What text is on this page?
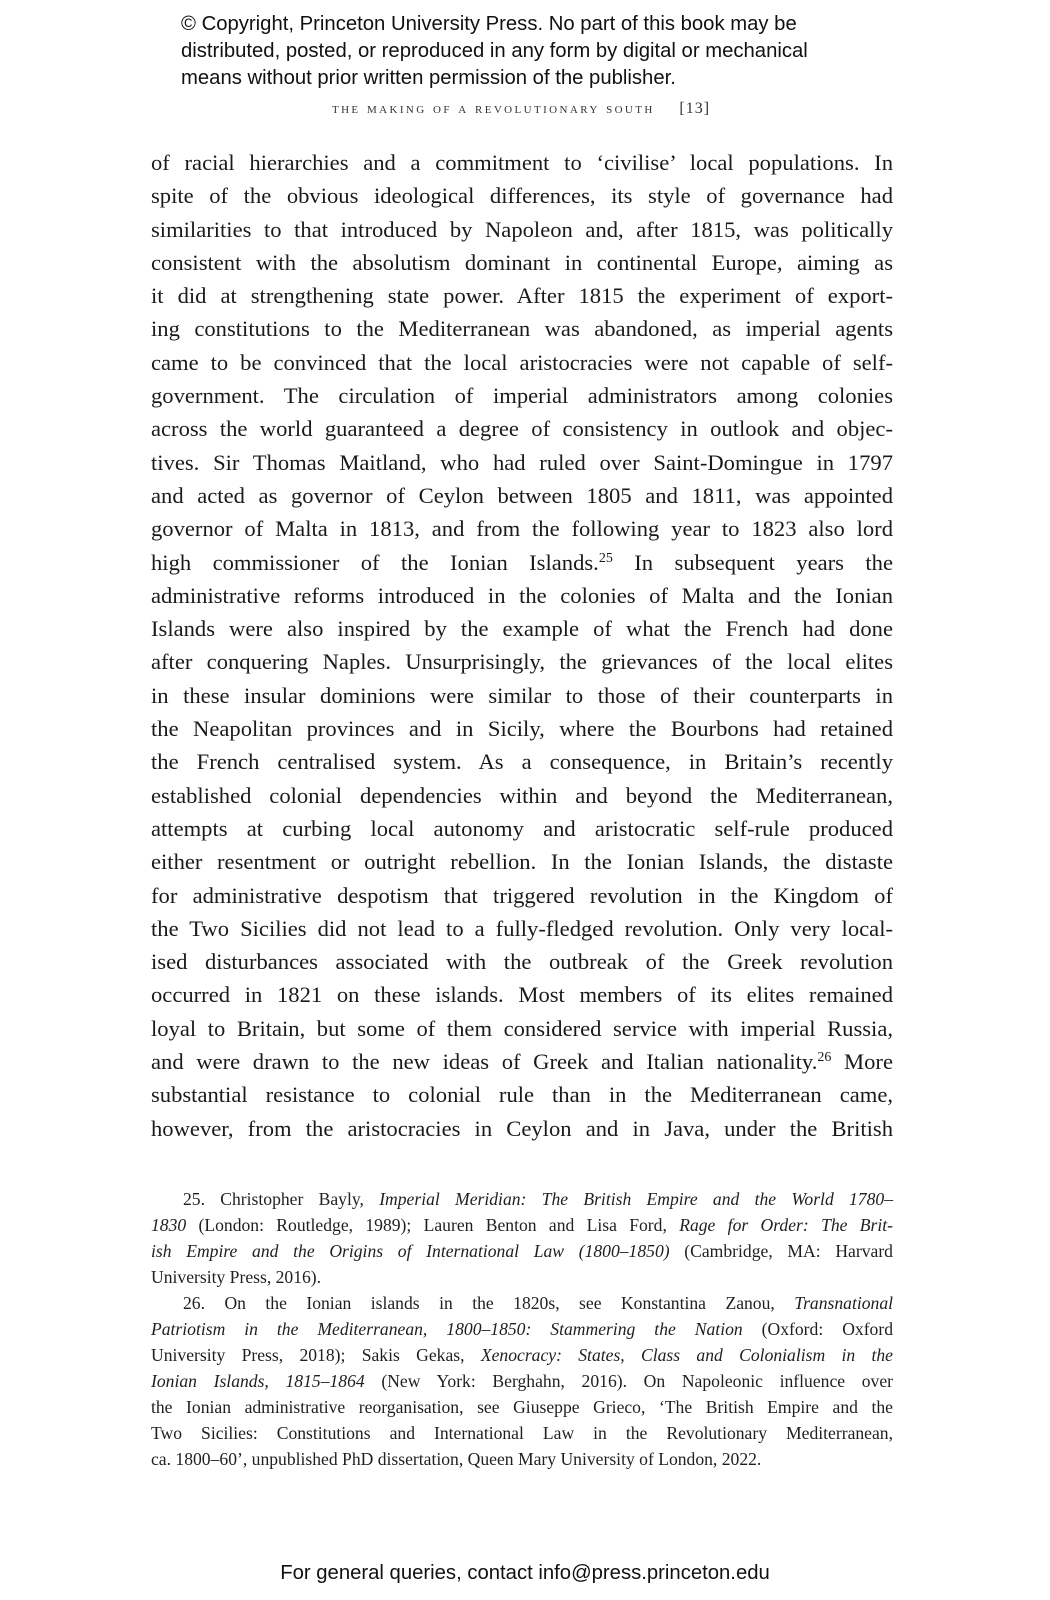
© Copyright, Princeton University Press. No part of this book may be
distributed, posted, or reproduced in any form by digital or mechanical
means without prior written permission of the publisher.
the making of a revolutionary south [13]
of racial hierarchies and a commitment to ‘civilise’ local populations. In
spite of the obvious ideological differences, its style of governance had
similarities to that introduced by Napoleon and, after 1815, was politically
consistent with the absolutism dominant in continental Europe, aiming as
it did at strengthening state power. After 1815 the experiment of export-
ing constitutions to the Mediterranean was abandoned, as imperial agents
came to be convinced that the local aristocracies were not capable of self-
government. The circulation of imperial administrators among colonies
across the world guaranteed a degree of consistency in outlook and objec-
tives. Sir Thomas Maitland, who had ruled over Saint-Domingue in 1797
and acted as governor of Ceylon between 1805 and 1811, was appointed
governor of Malta in 1813, and from the following year to 1823 also lord
high commissioner of the Ionian Islands.$^{25}$ In subsequent years the
administrative reforms introduced in the colonies of Malta and the Ionian
Islands were also inspired by the example of what the French had done
after conquering Naples. Unsurprisingly, the grievances of the local elites
in these insular dominions were similar to those of their counterparts in
the Neapolitan provinces and in Sicily, where the Bourbons had retained
the French centralised system. As a consequence, in Britain’s recently
established colonial dependencies within and beyond the Mediterranean,
attempts at curbing local autonomy and aristocratic self-rule produced
either resentment or outright rebellion. In the Ionian Islands, the distaste
for administrative despotism that triggered revolution in the Kingdom of
the Two Sicilies did not lead to a fully-fledged revolution. Only very local-
ised disturbances associated with the outbreak of the Greek revolution
occurred in 1821 on these islands. Most members of its elites remained
loyal to Britain, but some of them considered service with imperial Russia,
and were drawn to the new ideas of Greek and Italian nationality.$^{26}$ More
substantial resistance to colonial rule than in the Mediterranean came,
however, from the aristocracies in Ceylon and in Java, under the British
25. Christopher Bayly, Imperial Meridian: The British Empire and the World 1780–
1830 (London: Routledge, 1989); Lauren Benton and Lisa Ford, Rage for Order: The Brit-
ish Empire and the Origins of International Law (1800–1850) (Cambridge, MA: Harvard
University Press, 2016).
26. On the Ionian islands in the 1820s, see Konstantina Zanou, Transnational
Patriotism in the Mediterranean, 1800–1850: Stammering the Nation (Oxford: Oxford
University Press, 2018); Sakis Gekas, Xenocracy: States, Class and Colonialism in the
Ionian Islands, 1815–1864 (New York: Berghahn, 2016). On Napoleonic influence over
the Ionian administrative reorganisation, see Giuseppe Grieco, ‘The British Empire and the
Two Sicilies: Constitutions and International Law in the Revolutionary Mediterranean,
ca. 1800–60’, unpublished PhD dissertation, Queen Mary University of London, 2022.
For general queries, contact info@press.princeton.edu
